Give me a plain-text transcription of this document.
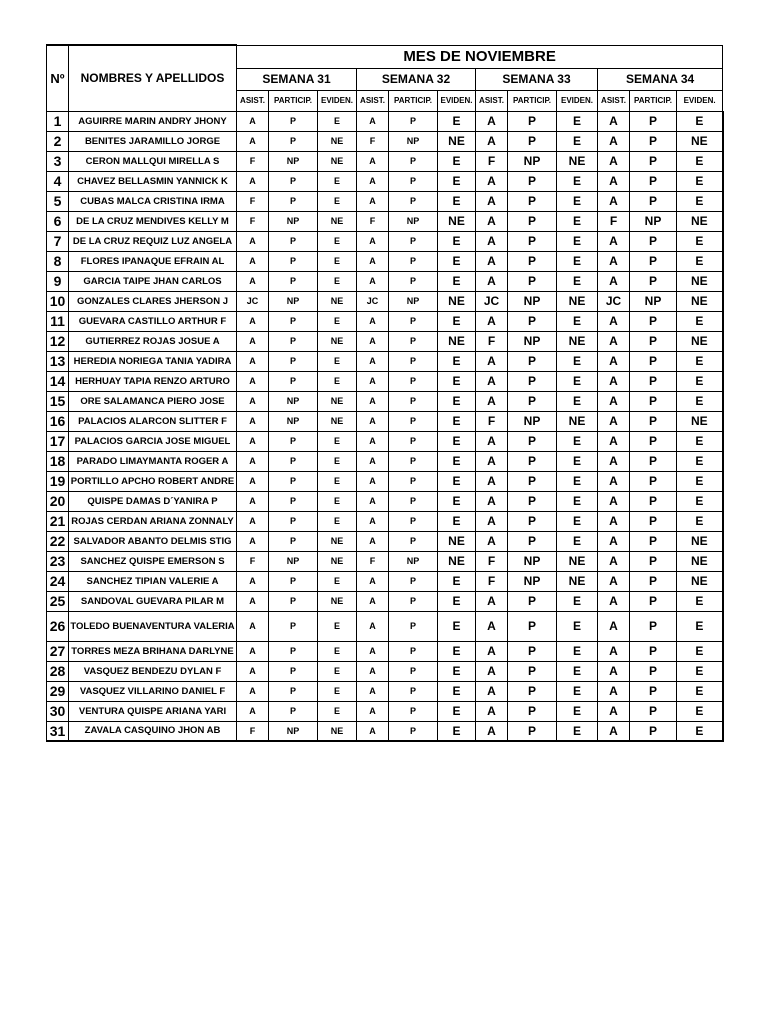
Nº	NOMBRES Y APELLIDOS	MES DE NOVIEMBRE											
		SEMANA 31			SEMANA 32			SEMANA 33			SEMANA 34		
		ASIST.	PARTICIP.	EVIDEN.	ASIST.	PARTICIP.	EVIDEN.	ASIST.	PARTICIP.	EVIDEN.	ASIST.	PARTICIP.	EVIDEN.
1	AGUIRRE MARIN ANDRY JHONY	A	P	E	A	P	E	A	P	E	A	P	E
2	BENITES JARAMILLO JORGE	A	P	NE	F	NP	NE	A	P	E	A	P	NE
3	CERON MALLQUI MIRELLA S	F	NP	NE	A	P	E	F	NP	NE	A	P	E
4	CHAVEZ BELLASMIN YANNICK K	A	P	E	A	P	E	A	P	E	A	P	E
5	CUBAS MALCA CRISTINA IRMA	F	P	E	A	P	E	A	P	E	A	P	E
6	DE LA CRUZ MENDIVES KELLY M	F	NP	NE	F	NP	NE	A	P	E	F	NP	NE
7	DE LA CRUZ REQUIZ LUZ ANGELA	A	P	E	A	P	E	A	P	E	A	P	E
8	FLORES IPANAQUE EFRAIN AL	A	P	E	A	P	E	A	P	E	A	P	E
9	GARCIA TAIPE JHAN CARLOS	A	P	E	A	P	E	A	P	E	A	P	NE
10	GONZALES CLARES JHERSON J	JC	NP	NE	JC	NP	NE	JC	NP	NE	JC	NP	NE
11	GUEVARA CASTILLO ARTHUR F	A	P	E	A	P	E	A	P	E	A	P	E
12	GUTIERREZ ROJAS JOSUE A	A	P	NE	A	P	NE	F	NP	NE	A	P	NE
13	HEREDIA NORIEGA TANIA YADIRA	A	P	E	A	P	E	A	P	E	A	P	E
14	HERHUAY TAPIA RENZO ARTURO	A	P	E	A	P	E	A	P	E	A	P	E
15	ORE SALAMANCA PIERO JOSE	A	NP	NE	A	P	E	A	P	E	A	P	E
16	PALACIOS ALARCON SLITTER F	A	NP	NE	A	P	E	F	NP	NE	A	P	NE
17	PALACIOS GARCIA JOSE MIGUEL	A	P	E	A	P	E	A	P	E	A	P	E
18	PARADO LIMAYMANTA ROGER A	A	P	E	A	P	E	A	P	E	A	P	E
19	PORTILLO APCHO ROBERT ANDRE	A	P	E	A	P	E	A	P	E	A	P	E
20	QUISPE DAMAS D´YANIRA P	A	P	E	A	P	E	A	P	E	A	P	E
21	ROJAS CERDAN ARIANA ZONNALY	A	P	E	A	P	E	A	P	E	A	P	E
22	SALVADOR ABANTO DELMIS STIG	A	P	NE	A	P	NE	A	P	E	A	P	NE
23	SANCHEZ QUISPE EMERSON S	F	NP	NE	F	NP	NE	F	NP	NE	A	P	NE
24	SANCHEZ TIPIAN VALERIE A	A	P	E	A	P	E	F	NP	NE	A	P	NE
25	SANDOVAL GUEVARA PILAR M	A	P	NE	A	P	E	A	P	E	A	P	E
26	TOLEDO BUENAVENTURA VALERIA	A	P	E	A	P	E	A	P	E	A	P	E
27	TORRES MEZA BRIHANA DARLYNE	A	P	E	A	P	E	A	P	E	A	P	E
28	VASQUEZ BENDEZU DYLAN F	A	P	E	A	P	E	A	P	E	A	P	E
29	VASQUEZ VILLARINO DANIEL F	A	P	E	A	P	E	A	P	E	A	P	E
30	VENTURA QUISPE ARIANA YARI	A	P	E	A	P	E	A	P	E	A	P	E
31	ZAVALA CASQUINO JHON AB	F	NP	NE	A	P	E	A	P	E	A	P	E
